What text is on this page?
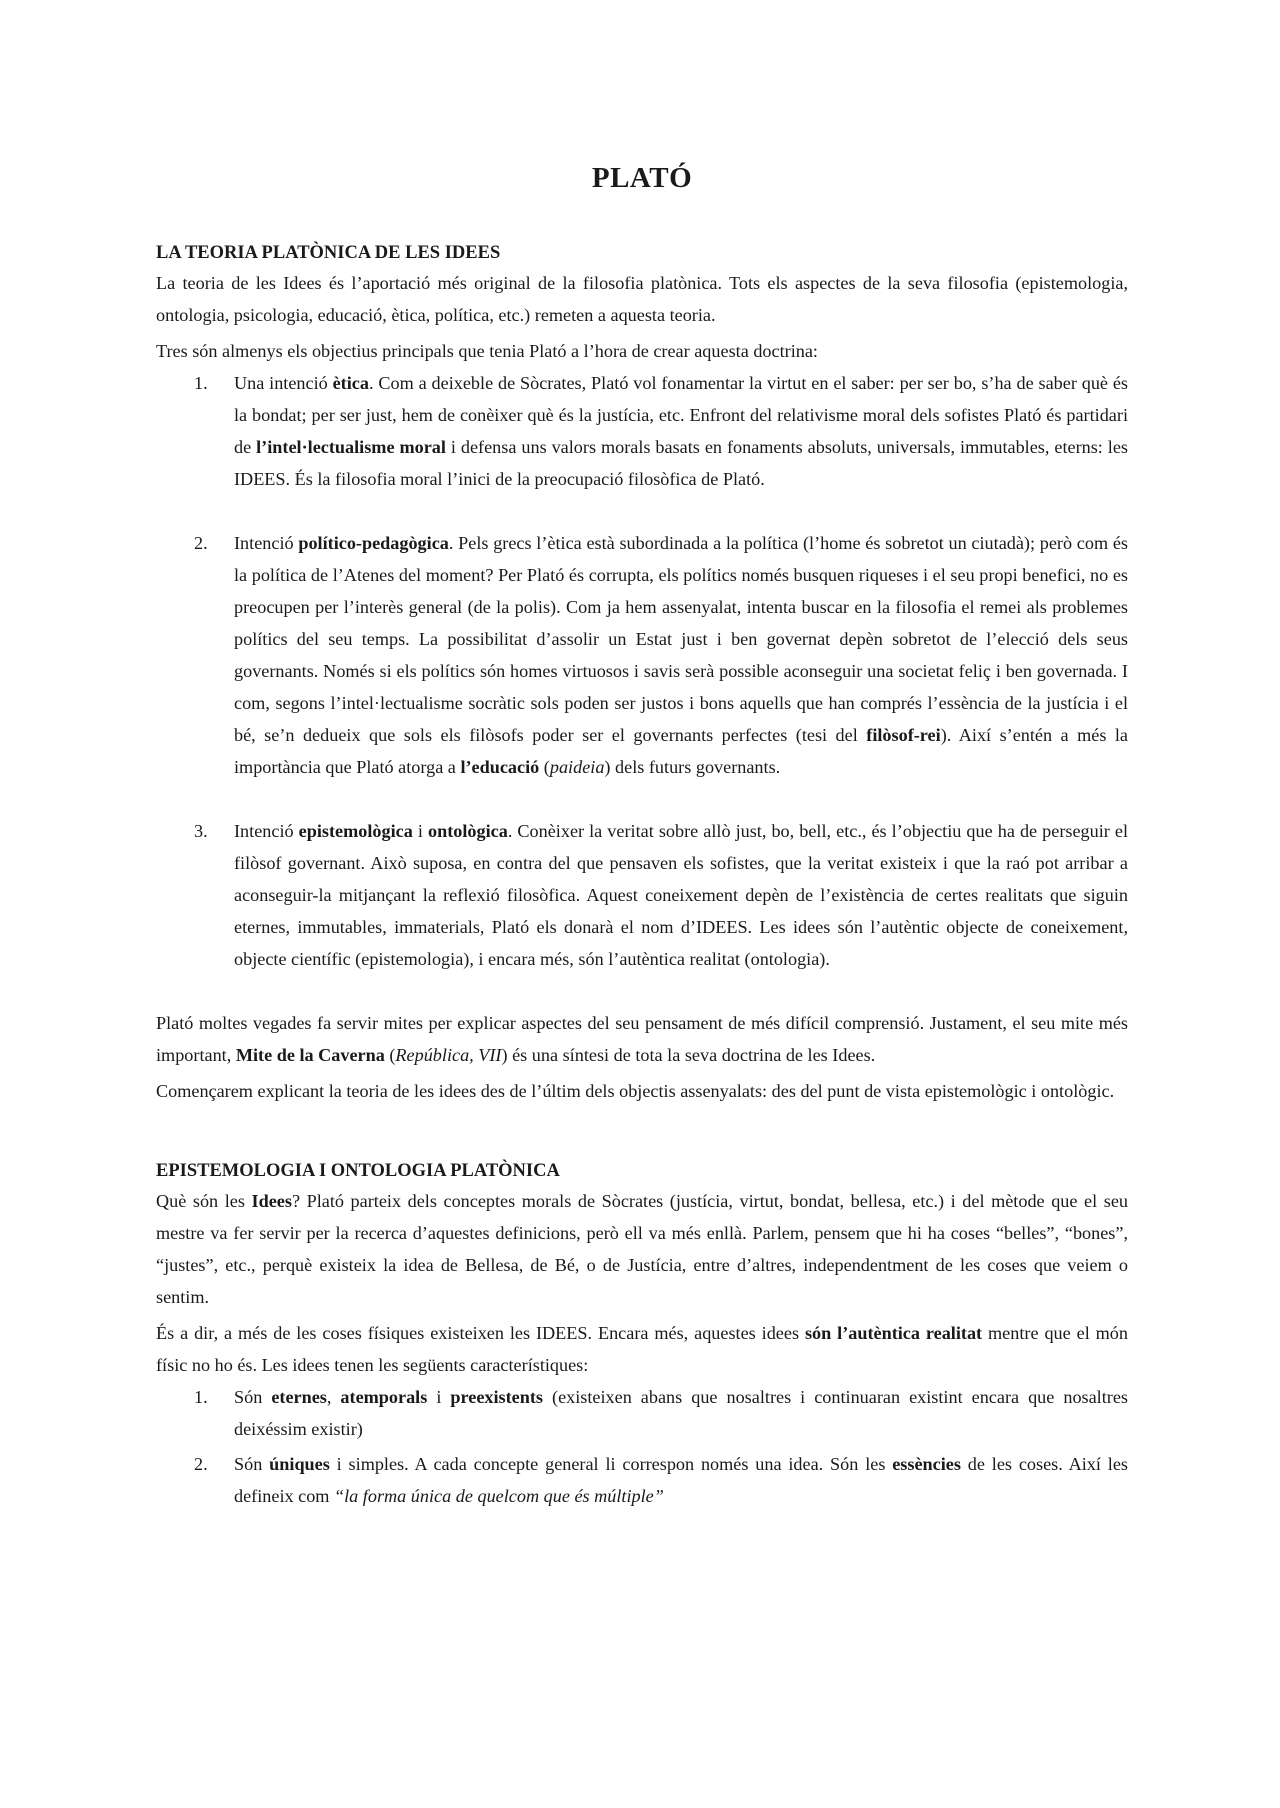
PLATÓ
LA TEORIA PLATÒNICA DE LES IDEES

La teoria de les Idees és l’aportació més original de la filosofia platònica. Tots els aspectes de la seva filosofia (epistemologia, ontologia, psicologia, educació, ètica, política, etc.) remeten a aquesta teoria.

Tres són almenys els objectius principals que tenia Plató a l’hora de crear aquesta doctrina:

1. Una intenció ètica. Com a deixeble de Sòcrates, Plató vol fonamentar la virtut en el saber: per ser bo, s’ha de saber què és la bondat; per ser just, hem de conèixer què és la justícia, etc. Enfront del relativisme moral dels sofistes Plató és partidari de l’intel·lectualisme moral i defensa uns valors morals basats en fonaments absoluts, universals, immutables, eterns: les IDEES. És la filosofia moral l’inici de la preocupació filosòfica de Plató.
2. Intenció político-pedagògica. Pels grecs l’ètica està subordinada a la política (l’home és sobretot un ciutadà); però com és la política de l’Atenes del moment? Per Plató és corrupta, els polítics només busquen riqueses i el seu propi benefici, no es preocupen per l’interès general (de la polis). Com ja hem assenyalat, intenta buscar en la filosofia el remei als problemes polítics del seu temps. La possibilitat d’assolir un Estat just i ben governat depèn sobretot de l’elecció dels seus governants. Només si els polítics són homes virtuosos i savis serà possible aconseguir una societat feliç i ben governada. I com, segons l’intel·lectualisme socràtic sols poden ser justos i bons aquells que han comprés l’essència de la justícia i el bé, se’n dedueix que sols els filòsofs poder ser el governants perfectes (tesi del filòsof-rei). Així s’entén a més la importància que Plató atorga a l’educació (paideia) dels futurs governants.
3. Intenció epistemològica i ontològica. Conèixer la veritat sobre allò just, bo, bell, etc., és l’objectiu que ha de perseguir el filòsof governant. Això suposa, en contra del que pensaven els sofistes, que la veritat existeix i que la raó pot arribar a aconseguir-la mitjançant la reflexió filosòfica. Aquest coneixement depèn de l’existència de certes realitats que siguin eternes, immutables, immaterials, Plató els donarà el nom d’IDEES. Les idees són l’autèntic objecte de coneixement, objecte científic (epistemologia), i encara més, són l’autèntica realitat (ontologia).

Plató moltes vegades fa servir mites per explicar aspectes del seu pensament de més difícil comprensió. Justament, el seu mite més important, Mite de la Caverna (República, VII) és una síntesi de tota la seva doctrina de les Idees.

Començarem explicant la teoria de les idees des de l’últim dels objectis assenyalats: des del punt de vista epistemològic i ontològic.

EPISTEMOLOGIA I ONTOLOGIA PLATÒNICA

Què són les Idees? Plató parteix dels conceptes morals de Sòcrates (justícia, virtut, bondat, bellesa, etc.) i del mètode que el seu mestre va fer servir per la recerca d’aquestes definicions, però ell va més enllà. Parlem, pensem que hi ha coses “belles”, “bones”, “justes”, etc., perquè existeix la idea de Bellesa, de Bé, o de Justícia, entre d’altres, independentment de les coses que veiem o sentim.

És a dir, a més de les coses físiques existeixen les IDEES. Encara més, aquestes idees són l’autèntica realitat mentre que el món físic no ho és. Les idees tenen les següents característiques:

1. Són eternes, atemporals i preexistents (existeixen abans que nosaltres i continuaran existint encara que nosaltres deixéssim existir)
2. Són úniques i simples. A cada concepte general li correspon només una idea. Són les essències de les coses. Així les defineix com “la forma única de quelcom que és múltiple”
